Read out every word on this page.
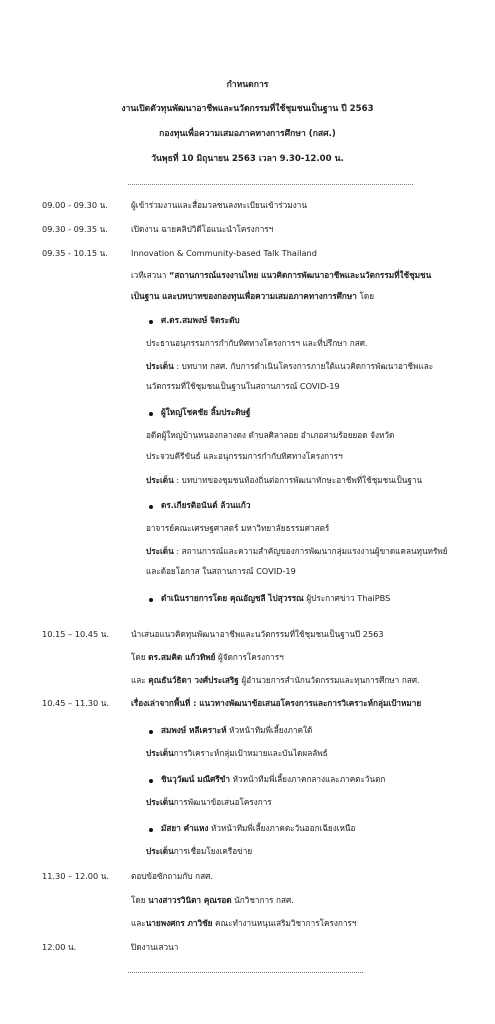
กำหนดการ
งานเปิดตัวทุนพัฒนาอาชีพและนวัตกรรมที่ใช้ชุมชนเป็นฐาน ปี 2563
กองทุนเพื่อความเสมอภาคทางการศึกษา (กสศ.)
วันพุธที่ 10 มิถุนายน 2563 เวลา 9.30-12.00 น.
09.00 - 09.30 น.	ผู้เข้าร่วมงานและสื่อมวลชนลงทะเบียนเข้าร่วมงาน
09.30 - 09.35 น.	เปิดงาน ฉายคลิปวิดีโอแนะนำโครงการฯ
09.35 - 10.15 น.	Innovation & Community-based Talk Thailand
เวทีเสวนา “สถานการณ์แรงงานไทย แนวคิดการพัฒนาอาชีพและนวัตกรรมที่ใช้ชุมชน
เป็นฐาน และบทบาทของกองทุนเพื่อความเสมอภาคทางการศึกษา โดย
ศ.ดร.สมพงษ์ จิตระดับ
ประธานอนุกรรมการกำกับทิศทางโครงการฯ และที่ปรึกษา กสศ.
ประเด็น : บทบาท กสศ. กับการดำเนินโครงการภายใต้แนวคิดการพัฒนาอาชีพและ
นวัตกรรมที่ใช้ชุมชนเป็นฐานในสถานการณ์ COVID-19
ผู้ใหญ่โชคชัย ลิ้มประดิษฐ์
อดีตผู้ใหญ่บ้านหนองกลางดง ตำบลศิลาลอย อำเภอสามร้อยยอด จังหวัด
ประจวบคีรีขันธ์ และอนุกรรมการกำกับทิศทางโครงการฯ
ประเด็น : บทบาทของชุมชนท้องถิ่นต่อการพัฒนาทักษะอาชีพที่ใช้ชุมชนเป็นฐาน
ดร.เกียรติอนันต์ ล้วนแก้ว
อาจารย์คณะเศรษฐศาสตร์ มหาวิทยาลัยธรรมศาสตร์
ประเด็น : สถานการณ์และความสำคัญของการพัฒนากลุ่มแรงงานผู้ขาดแคลนทุนทรัพย์
และด้อยโอกาส ในสถานการณ์ COVID-19
ดำเนินรายการโดย คุณอัญชลี ไปสุวรรณ ผู้ประกาศข่าว ThaiPBS
10.15 – 10.45 น.	นำเสนอแนวคิดทุนพัฒนาอาชีพและนวัตกรรมที่ใช้ชุมชนเป็นฐานปี 2563
โดย ดร.สมคิด แก้วทิพย์ ผู้จัดการโครงการฯ
และ คุณธันว์ธิดา วงศ์ประเสริฐ ผู้อำนวยการสำนักนวัตกรรมและทุนการศึกษา กสศ.
10.45 – 11.30 น.	เรื่องเล่าจากพื้นที่ : แนวทางพัฒนาข้อเสนอโครงการและการวิเคราะห์กลุ่มเป้าหมาย
สมพงษ์ หลีเคราะห์ หัวหน้าทีมพี่เลี้ยงภาคใต้
ประเด็นการวิเคราะห์กลุ่มเป้าหมายและบันไดผลลัพธ์
ชินวุวัฒน์ มณีศรีขำ หัวหน้าทีมพี่เลี้ยงภาคกลางและภาคตะวันตก
ประเด็นการพัฒนาข้อเสนอโครงการ
มัสยา คำแหง หัวหน้าทีมพี่เลี้ยงภาคตะวันออกเฉียงเหนือ
ประเด็นการเชื่อมโยงเครือข่าย
11.30 – 12.00 น.	ตอบข้อซักถามกับ กสศ.
โดย นางสาวรวินิตา คุณรอด นักวิชาการ กสศ.
และนายพงศกร ภาวิชัย คณะทำงานหนุนเสริมวิชาการโครงการฯ
12.00 น.	ปิดงานเสวนา
